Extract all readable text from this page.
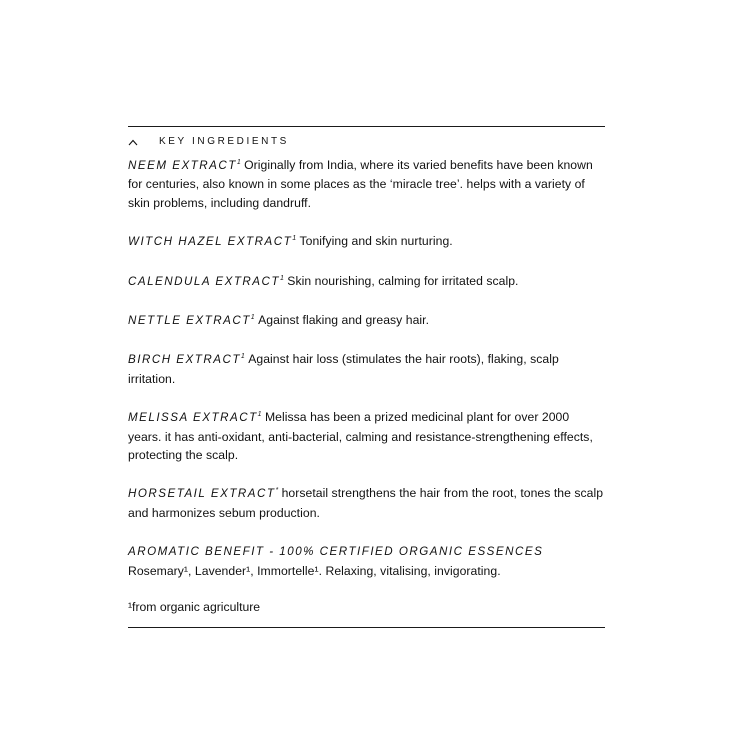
KEY INGREDIENTS

NEEM EXTRACT$^1$ Originally from India, where its varied benefits have been known for centuries, also known in some places as the ‘miracle tree’. helps with a variety of skin problems, including dandruff.

WITCH HAZEL EXTRACT$^1$ Tonifying and skin nurturing.

CALENDULA EXTRACT$^1$ Skin nourishing, calming for irritated scalp.

NETTLE EXTRACT$^1$ Against flaking and greasy hair.

BIRCH EXTRACT$^1$ Against hair loss (stimulates the hair roots), flaking, scalp irritation.

MELISSA EXTRACT$^1$ Melissa has been a prized medicinal plant for over 2000 years. it has anti-oxidant, anti-bacterial, calming and resistance-strengthening effects, protecting the scalp.

HORSETAIL EXTRACT* horsetail strengthens the hair from the root, tones the scalp and harmonizes sebum production.

AROMATIC BENEFIT - 100% CERTIFIED ORGANIC ESSENCES Rosemary¹, Lavender¹, Immortelle¹. Relaxing, vitalising, invigorating.

¹from organic agriculture
